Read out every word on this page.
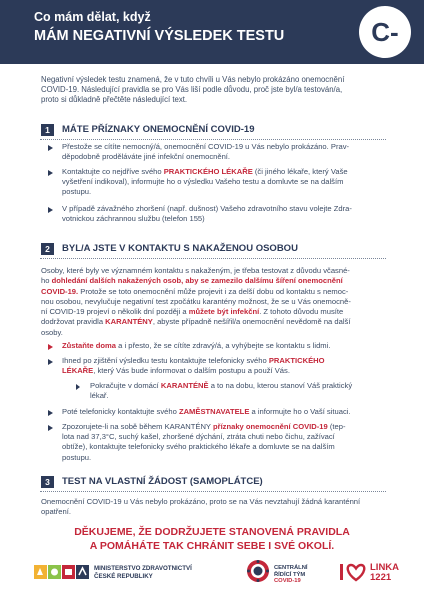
Co mám dělat, když
MÁM NEGATIVNÍ VÝSLEDEK TESTU	C-
Negativní výsledek testu znamená, že v tuto chvíli u Vás nebylo prokázáno onemocnění
COVID-19. Následující pravidla se pro Vás liší podle důvodu, proč jste byl/a testován/a,
proto si důkladně přečtěte následující text.
1	MÁTE PŘÍZNAKY ONEMOCNĚNÍ COVID-19
Přestože se cítíte nemocný/á, onemocnění COVID-19 u Vás nebylo prokázáno. Prav-
děpodobně proděláváte jiné infekční onemocnění.
Kontaktujte co nejdříve svého PRAKTICKÉHO LÉKAŘE (či jiného lékaře, který Vaše
vyšetření indikoval), informujte ho o výsledku Vašeho testu a domluvte se na dalším
postupu.
V případě závažného zhoršení (např. dušnost) Vašeho zdravotního stavu volejte Zdra-
votnickou záchrannou službu (telefon 155)
2	BYL/A JSTE V KONTAKTU S NAKAŽENOU OSOBOU
Osoby, které byly ve významném kontaktu s nakaženým, je třeba testovat z důvodu včasné-
ho dohledání dalších nakažených osob, aby se zamezilo dalšímu šíření onemocnění
COVID-19. Protože se toto onemocnění může projevit i za delší dobu od kontaktu s nemoc-
nou osobou, nevylučuje negativní test zpočátku karantény možnost, že se u Vás onemocně-
ní COVID-19 projeví o několik dní později a můžete být infekční. Z tohoto důvodu musíte
dodržovat pravidla KARANTÉNY, abyste případně nešířil/a onemocnění nevědomě na další
osoby.
Zůstaňte doma a i přesto, že se cítíte zdravý/á, a vyhýbejte se kontaktu s lidmi.
Ihned po zjištění výsledku testu kontaktujte telefonicky svého PRAKTICKÉHO
LÉKAŘE, který Vás bude informovat o dalším postupu a použí Vás.
Pokračujte v domácí KARANTÉNĚ a to na dobu, kterou stanoví Váš praktický
lékař.
Poté telefonicky kontaktujte svého ZAMĚSTNAVATELE a informujte ho o Vaší situaci.
Zpozorujete-li na sobě během KARANTÉNY příznaky onemocnění COVID-19 (tep-
lota nad 37,3°C, suchý kašel, zhoršené dýchání, ztráta chuti nebo čichu, zažívací
obtíže), kontaktujte telefonicky svého praktického lékaře a domluvte se na dalším
postupu.
3	TEST NA VLASTNÍ ŽÁDOST (SAMOPLÁTCE)
Onemocnění COVID-19 u Vás nebylo prokázáno, proto se na Vás nevztahují žádná karanténní
opatření.
DĚKUJEME, ŽE DODRŽUJETE STANOVENÁ PRAVIDLA
A POMÁHÁTE TAK CHRÁNIT SEBE I SVÉ OKOLÍ.
MINISTERSTVO ZDRAVOTNICTVÍ
ČESKÉ REPUBLIKY
CENTRÁLNÍ
ŘÍDÍCÍ TÝM
COVID-19
LINKA
1221
